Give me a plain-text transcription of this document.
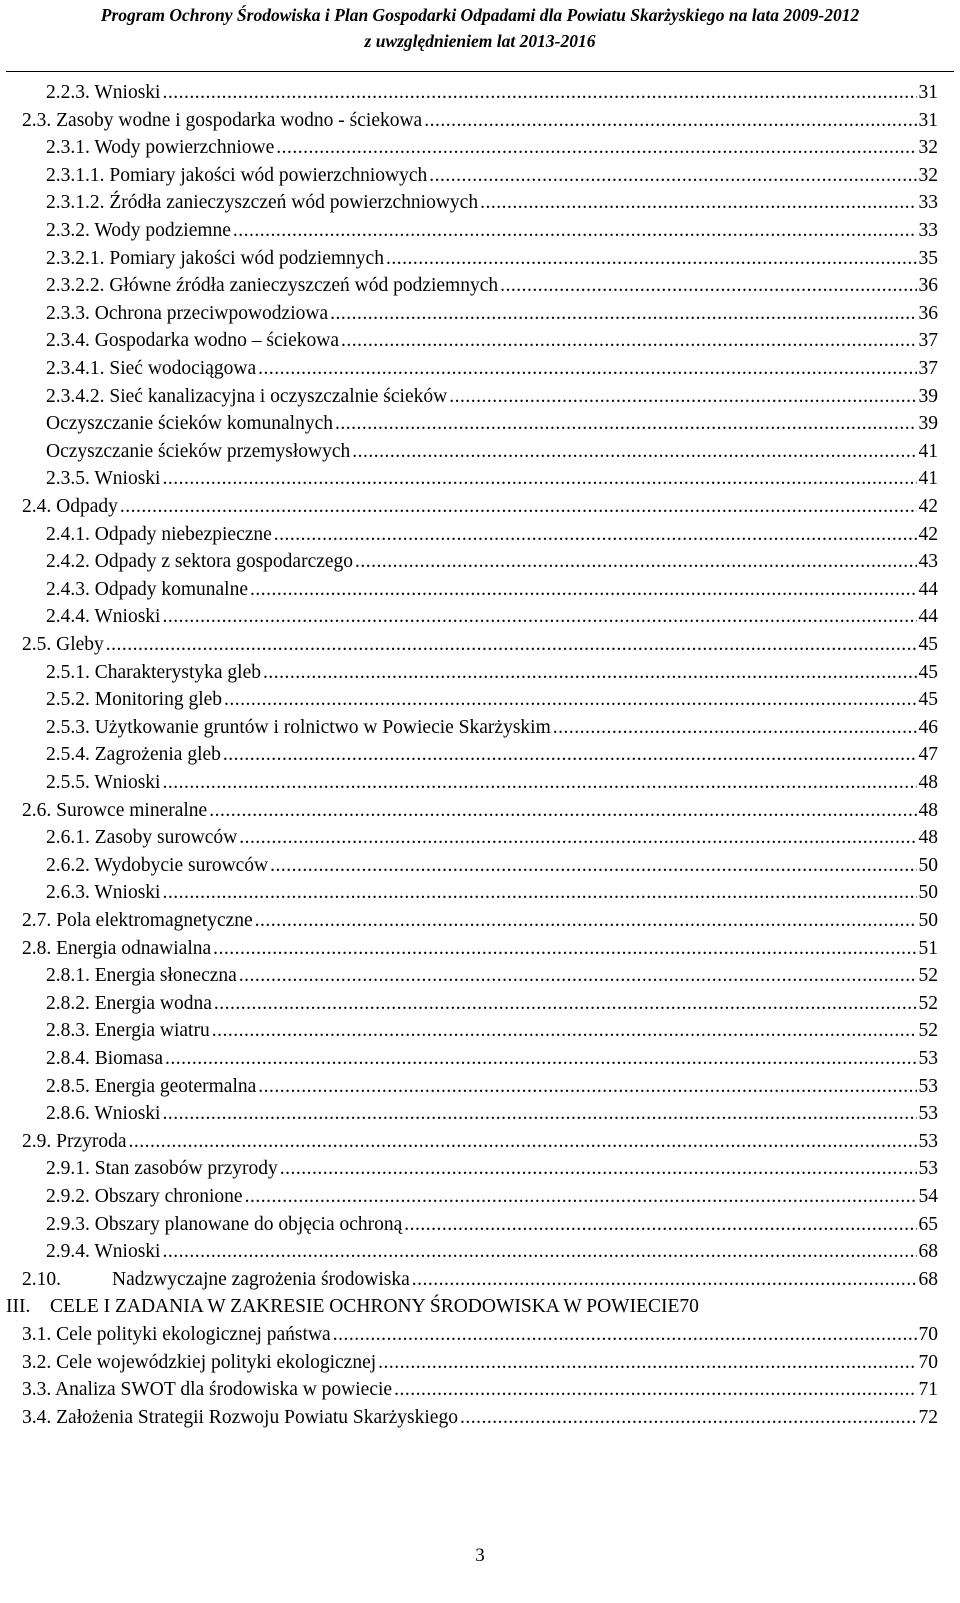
Program Ochrony Środowiska i Plan Gospodarki Odpadami dla Powiatu Skarżyskiego na lata 2009-2012
z uwzględnieniem lat 2013-2016
2.2.3. Wnioski .....	31
2.3. Zasoby wodne i gospodarka wodno - ściekowa .....	31
2.3.1. Wody powierzchniowe .....	32
2.3.1.1. Pomiary jakości wód powierzchniowych .....	32
2.3.1.2. Źródła zanieczyszczeń wód powierzchniowych .....	33
2.3.2. Wody podziemne .....	33
2.3.2.1. Pomiary jakości wód podziemnych .....	35
2.3.2.2. Główne źródła zanieczyszczeń wód podziemnych .....	36
2.3.3. Ochrona przeciwpowodziowa .....	36
2.3.4. Gospodarka wodno – ściekowa .....	37
2.3.4.1. Sieć wodociągowa .....	37
2.3.4.2. Sieć kanalizacyjna i oczyszczalnie ścieków .....	39
Oczyszczanie ścieków komunalnych .....	39
Oczyszczanie ścieków przemysłowych .....	41
2.3.5. Wnioski .....	41
2.4. Odpady .....	42
2.4.1. Odpady niebezpieczne .....	42
2.4.2. Odpady z sektora gospodarczego .....	43
2.4.3. Odpady komunalne .....	44
2.4.4. Wnioski .....	44
2.5. Gleby .....	45
2.5.1. Charakterystyka gleb .....	45
2.5.2. Monitoring gleb .....	45
2.5.3. Użytkowanie gruntów i rolnictwo w Powiecie Skarżyskim .....	46
2.5.4. Zagrożenia gleb .....	47
2.5.5. Wnioski .....	48
2.6. Surowce mineralne .....	48
2.6.1. Zasoby surowców .....	48
2.6.2. Wydobycie surowców .....	50
2.6.3. Wnioski .....	50
2.7. Pola elektromagnetyczne .....	50
2.8. Energia odnawialna .....	51
2.8.1. Energia słoneczna .....	52
2.8.2. Energia wodna .....	52
2.8.3. Energia wiatru .....	52
2.8.4. Biomasa .....	53
2.8.5. Energia geotermalna .....	53
2.8.6. Wnioski .....	53
2.9. Przyroda .....	53
2.9.1. Stan zasobów przyrody .....	53
2.9.2. Obszary chronione .....	54
2.9.3. Obszary planowane do objęcia ochroną .....	65
2.9.4. Wnioski .....	68
2.10.	Nadzwyczajne zagrożenia środowiska .....	68
III. CELE I ZADANIA W ZAKRESIE OCHRONY ŚRODOWISKA W POWIECIE 70
3.1. Cele polityki ekologicznej państwa .....	70
3.2. Cele wojewódzkiej polityki ekologicznej .....	70
3.3. Analiza SWOT dla środowiska w powiecie .....	71
3.4. Założenia Strategii Rozwoju Powiatu Skarżyskiego .....	72
3
